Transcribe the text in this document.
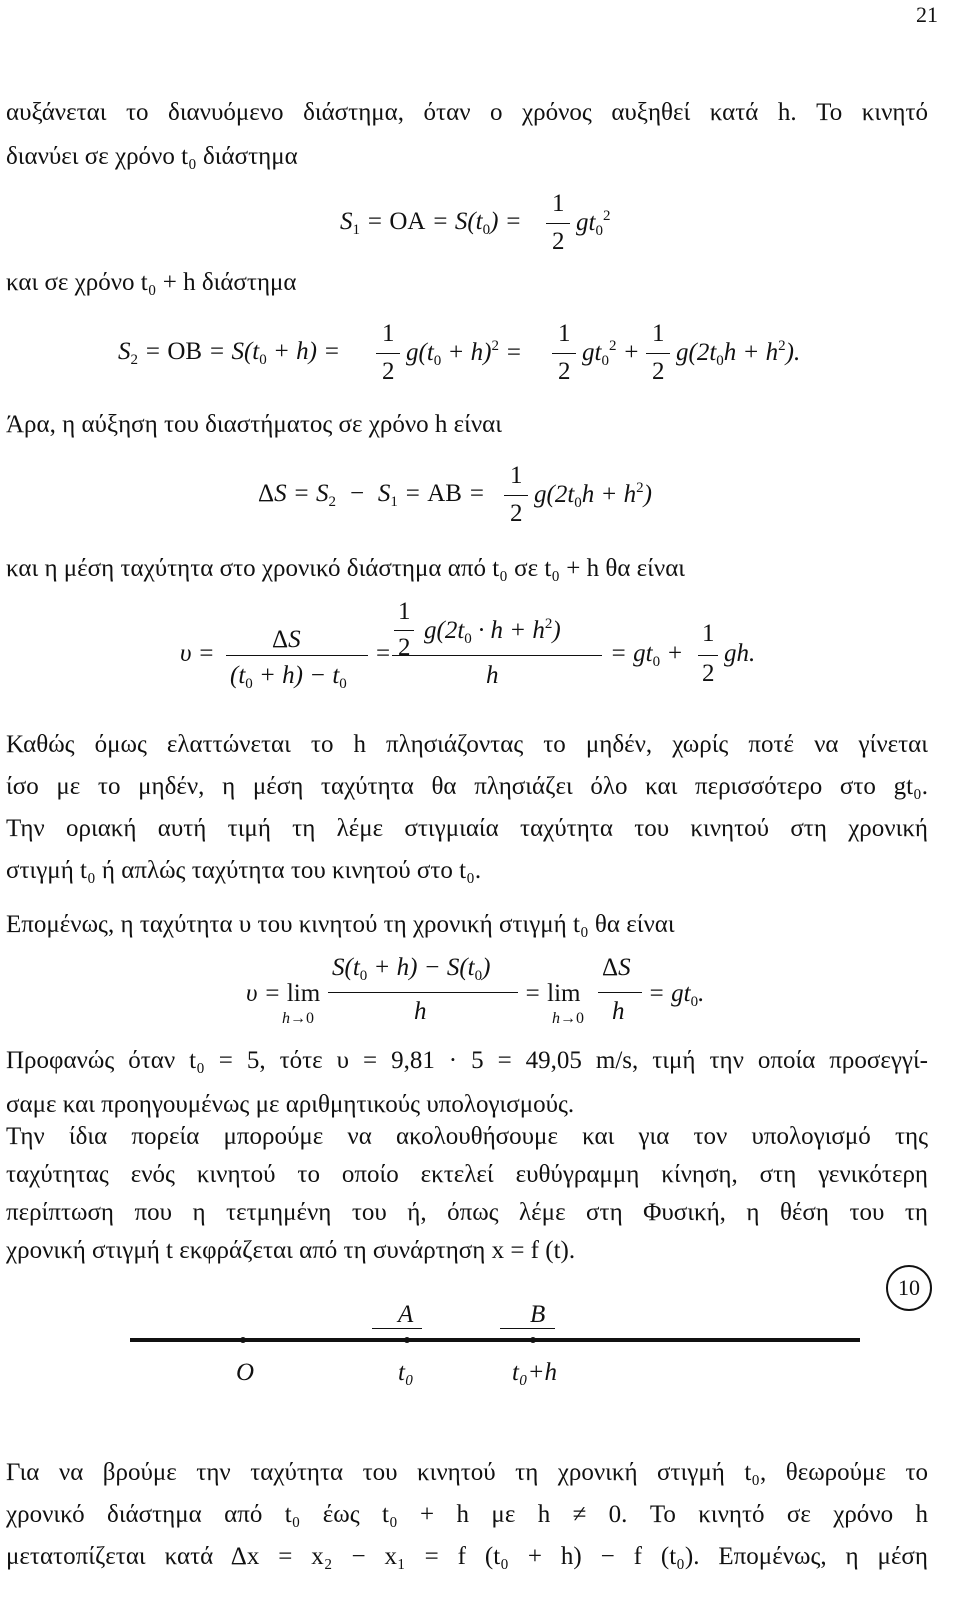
21
αυξάνεται το διανυόμενο διάστημα, όταν ο χρόνος αυξηθεί κατά h. Το κινητό
διανύει σε χρόνο t₀ διάστημα
$S_1$ = OA = $S(t_0)$ =
1
2
$gt_0^2$
και σε χρόνο t₀ + h διάστημα
$S_2$ = OB = $S(t_0 + h)$ =
1
2
$g(t_0 + h)^2$ =
1
2
$gt_0^2$ +
1
2
$g(2t_0h + h^2)$.
Άρα, η αύξηση του διαστήματος σε χρόνο h είναι
$\Delta S = S_2 - S_1$ = AB =
1
2
$g(2t_0h + h^2)$
και η μέση ταχύτητα στο χρονικό διάστημα από t₀ σε t₀ + h θα είναι
υ =
ΔS
$(t_0 + h) - t_0$
=
1
2
$g(2t_0 \cdot h + h^2)$
h
= $gt_0$ +
1
2
gh.
Καθώς όμως ελαττώνεται το h πλησιάζοντας το μηδέν, χωρίς ποτέ να γίνεται
ίσο με το μηδέν, η μέση ταχύτητα θα πλησιάζει όλο και περισσότερο στο gt₀.
Την οριακή αυτή τιμή τη λέμε στιγμιαία ταχύτητα του κινητού στη χρονική
στιγμή t₀ ή απλώς ταχύτητα του κινητού στο t₀.
Επομένως, η ταχύτητα υ του κινητού τη χρονική στιγμή t₀ θα είναι
υ = lim
h→0
$S(t_0 + h) - S(t_0)$
h
= lim
h→0
ΔS
h
= $gt_0$.
Προφανώς όταν t₀ = 5, τότε υ = 9,81 · 5 = 49,05 m/s, τιμή την οποία προσεγγί-
σαμε και προηγουμένως με αριθμητικούς υπολογισμούς.
Την ίδια πορεία μπορούμε να ακολουθήσουμε και για τον υπολογισμό της
ταχύτητας ενός κινητού το οποίο εκτελεί ευθύγραμμη κίνηση, στη γενικότερη
περίπτωση που η τετμημένη του ή, όπως λέμε στη Φυσική, η θέση του τη
χρονική στιγμή t εκφράζεται από τη συνάρτηση x = f (t).
10
A	B
O	t₀	t₀+h
Για να βρούμε την ταχύτητα του κινητού τη χρονική στιγμή t₀, θεωρούμε το
χρονικό διάστημα από t₀ έως t₀ + h με h ≠ 0. Το κινητό σε χρόνο h
μετατοπίζεται κατά Δx = x₂ − x₁ = f (t₀ + h) − f (t₀). Επομένως, η μέση
